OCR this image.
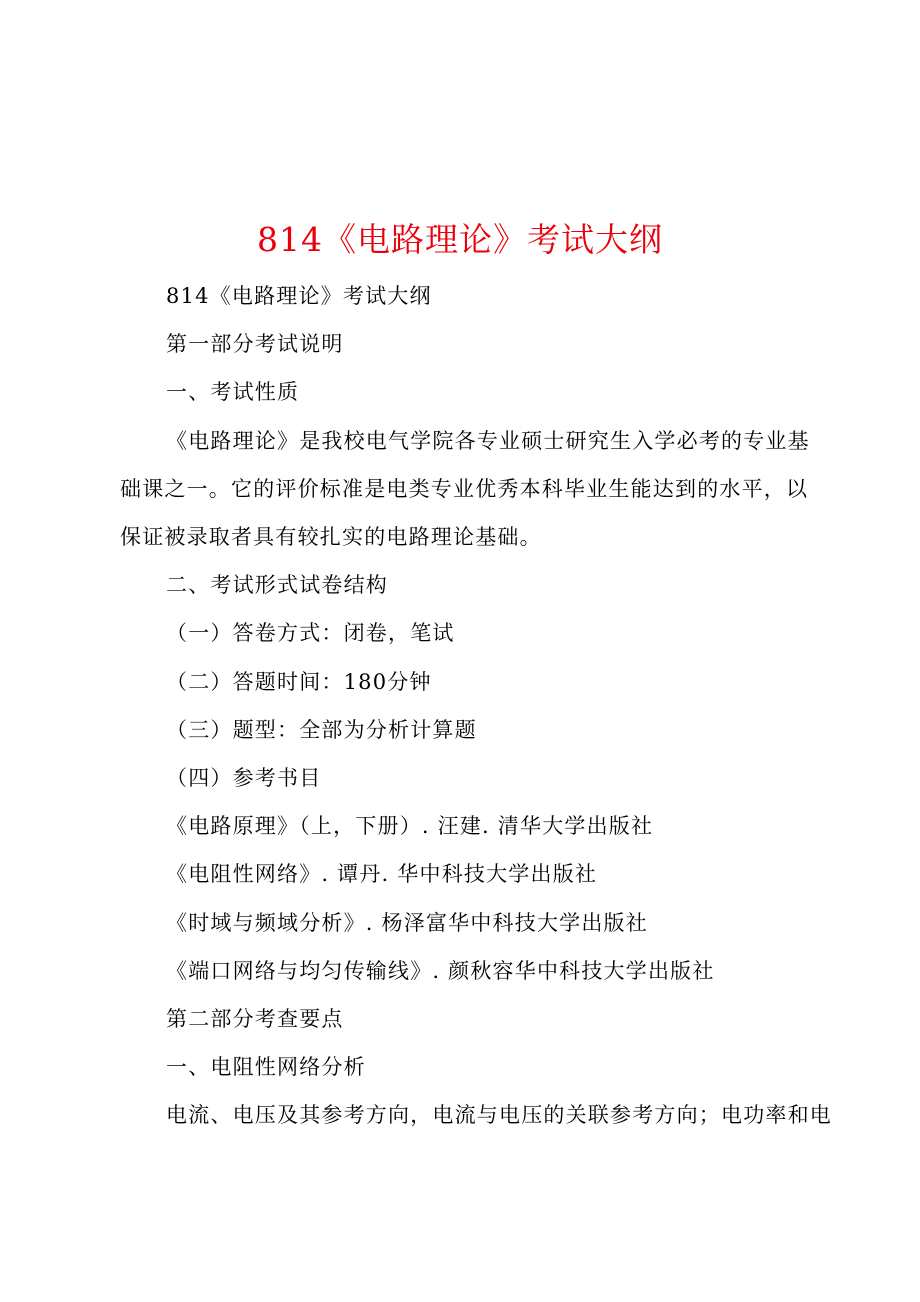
814《电路理论》考试大纲

814《电路理论》考试大纲

第一部分考试说明

一、考试性质

《电路理论》是我校电气学院各专业硕士研究生入学必考的专业基础课之一。它的评价标准是电类专业优秀本科毕业生能达到的水平，以保证被录取者具有较扎实的电路理论基础。

二、考试形式试卷结构

（一）答卷方式：闭卷，笔试

（二）答题时间：180分钟

（三）题型：全部为分析计算题

（四）参考书目

《电路原理》（上，下册）. 汪建. 清华大学出版社

《电阻性网络》. 谭丹. 华中科技大学出版社

《时域与频域分析》. 杨泽富华中科技大学出版社

《端口网络与均匀传输线》. 颜秋容华中科技大学出版社

第二部分考查要点

一、电阻性网络分析

电流、电压及其参考方向，电流与电压的关联参考方向；电功率和电
